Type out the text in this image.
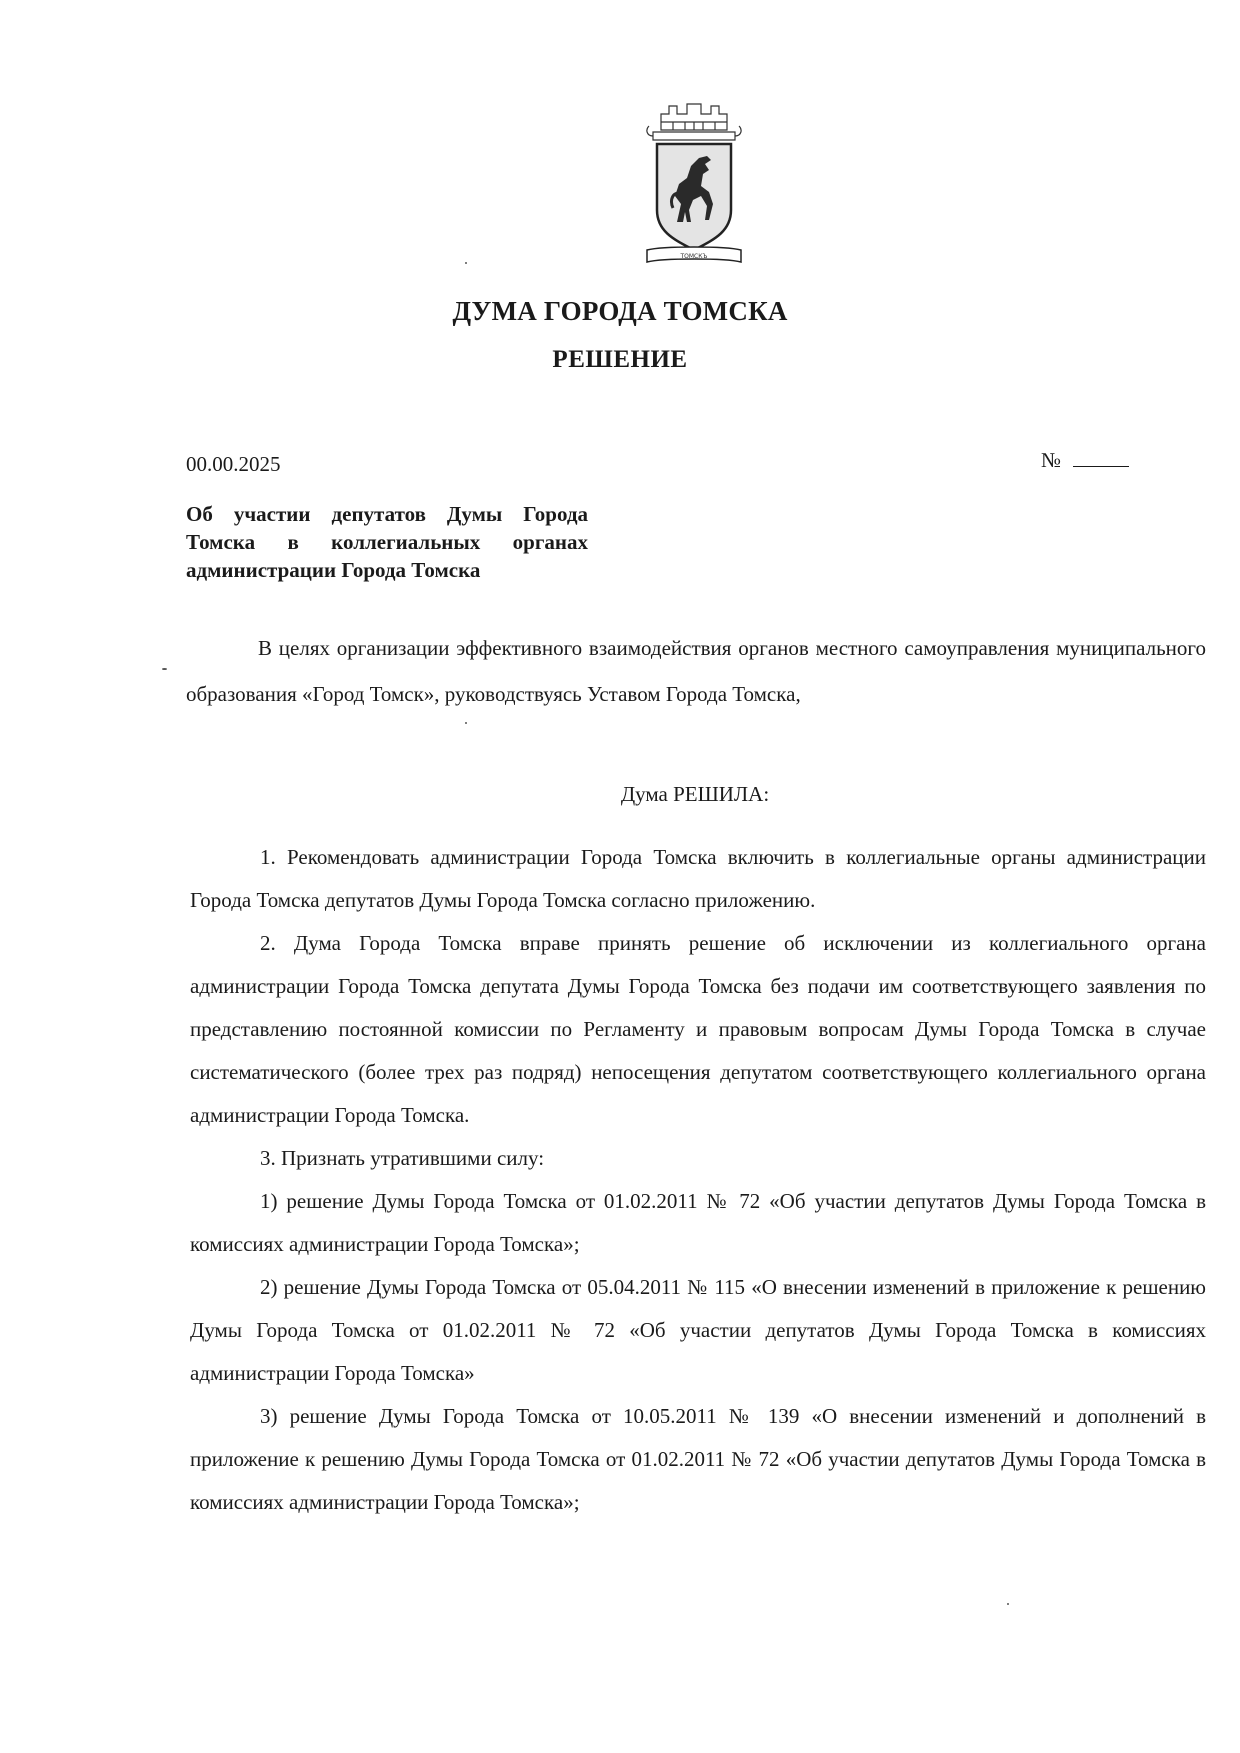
ТОМСКЪ
ДУМА ГОРОДА ТОМСКА
РЕШЕНИЕ
00.00.2025	№
Об участии депутатов Думы Города Томска в коллегиальных органах администрации Города Томска
В целях организации эффективного взаимодействия органов местного самоуправления муниципального образования «Город Томск», руководствуясь Уставом Города Томска,
Дума РЕШИЛА:

1. Рекомендовать администрации Города Томска включить в коллегиальные органы администрации Города Томска депутатов Думы Города Томска согласно приложению.

2. Дума Города Томска вправе принять решение об исключении из коллегиального органа администрации Города Томска депутата Думы Города Томска без подачи им соответствующего заявления по представлению постоянной комиссии по Регламенту и правовым вопросам Думы Города Томска в случае систематического (более трех раз подряд) непосещения депутатом соответствующего коллегиального органа администрации Города Томска.

3. Признать утратившими силу:

1) решение Думы Города Томска от 01.02.2011 № 72 «Об участии депутатов Думы Города Томска в комиссиях администрации Города Томска»;

2) решение Думы Города Томска от 05.04.2011 № 115 «О внесении изменений в приложение к решению Думы Города Томска от 01.02.2011 № 72 «Об участии депутатов Думы Города Томска в комиссиях администрации Города Томска»

3) решение Думы Города Томска от 10.05.2011 № 139 «О внесении изменений и дополнений в приложение к решению Думы Города Томска от 01.02.2011 № 72 «Об участии депутатов Думы Города Томска в комиссиях администрации Города Томска»;
